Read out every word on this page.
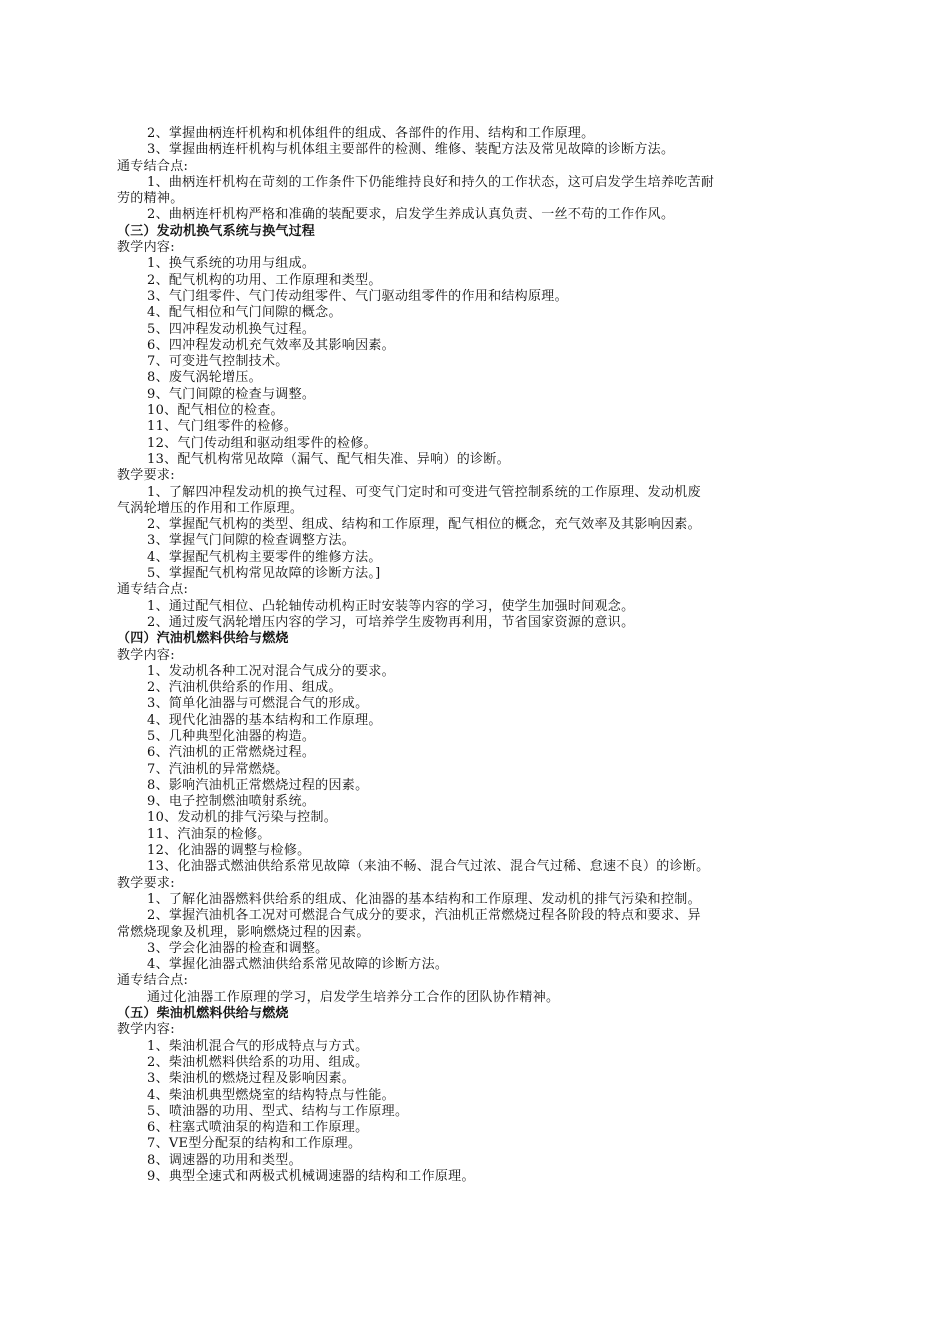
2、掌握曲柄连杆机构和机体组件的组成、各部件的作用、结构和工作原理。
3、掌握曲柄连杆机构与机体组主要部件的检测、维修、装配方法及常见故障的诊断方法。
通专结合点:
1、曲柄连杆机构在苛刻的工作条件下仍能维持良好和持久的工作状态，这可启发学生培养吃苦耐
劳的精神。
2、曲柄连杆机构严格和准确的装配要求，启发学生养成认真负责、一丝不苟的工作作风。
（三）发动机换气系统与换气过程
教学内容:
1、换气系统的功用与组成。
2、配气机构的功用、工作原理和类型。
3、气门组零件、气门传动组零件、气门驱动组零件的作用和结构原理。
4、配气相位和气门间隙的概念。
5、四冲程发动机换气过程。
6、四冲程发动机充气效率及其影响因素。
7、可变进气控制技术。
8、废气涡轮增压。
9、气门间隙的检查与调整。
10、配气相位的检查。
11、气门组零件的检修。
12、气门传动组和驱动组零件的检修。
13、配气机构常见故障（漏气、配气相失准、异响）的诊断。
教学要求:
1、了解四冲程发动机的换气过程、可变气门定时和可变进气管控制系统的工作原理、发动机废
气涡轮增压的作用和工作原理。
2、掌握配气机构的类型、组成、结构和工作原理，配气相位的概念，充气效率及其影响因素。
3、掌握气门间隙的检查调整方法。
4、掌握配气机构主要零件的维修方法。
5、掌握配气机构常见故障的诊断方法。]
通专结合点:
1、通过配气相位、凸轮轴传动机构正时安装等内容的学习，使学生加强时间观念。
2、通过废气涡轮增压内容的学习，可培养学生废物再利用，节省国家资源的意识。
（四）汽油机燃料供给与燃烧
教学内容:
1、发动机各种工况对混合气成分的要求。
2、汽油机供给系的作用、组成。
3、简单化油器与可燃混合气的形成。
4、现代化油器的基本结构和工作原理。
5、几种典型化油器的构造。
6、汽油机的正常燃烧过程。
7、汽油机的异常燃烧。
8、影响汽油机正常燃烧过程的因素。
9、电子控制燃油喷射系统。
10、发动机的排气污染与控制。
11、汽油泵的检修。
12、化油器的调整与检修。
13、化油器式燃油供给系常见故障（来油不畅、混合气过浓、混合气过稀、怠速不良）的诊断。
教学要求:
1、了解化油器燃料供给系的组成、化油器的基本结构和工作原理、发动机的排气污染和控制。
2、掌握汽油机各工况对可燃混合气成分的要求，汽油机正常燃烧过程各阶段的特点和要求、异
常燃烧现象及机理，影响燃烧过程的因素。
3、学会化油器的检查和调整。
4、掌握化油器式燃油供给系常见故障的诊断方法。
通专结合点:
通过化油器工作原理的学习，启发学生培养分工合作的团队协作精神。
（五）柴油机燃料供给与燃烧
教学内容:
1、柴油机混合气的形成特点与方式。
2、柴油机燃料供给系的功用、组成。
3、柴油机的燃烧过程及影响因素。
4、柴油机典型燃烧室的结构特点与性能。
5、喷油器的功用、型式、结构与工作原理。
6、柱塞式喷油泵的构造和工作原理。
7、VE型分配泵的结构和工作原理。
8、调速器的功用和类型。
9、典型全速式和两极式机械调速器的结构和工作原理。
